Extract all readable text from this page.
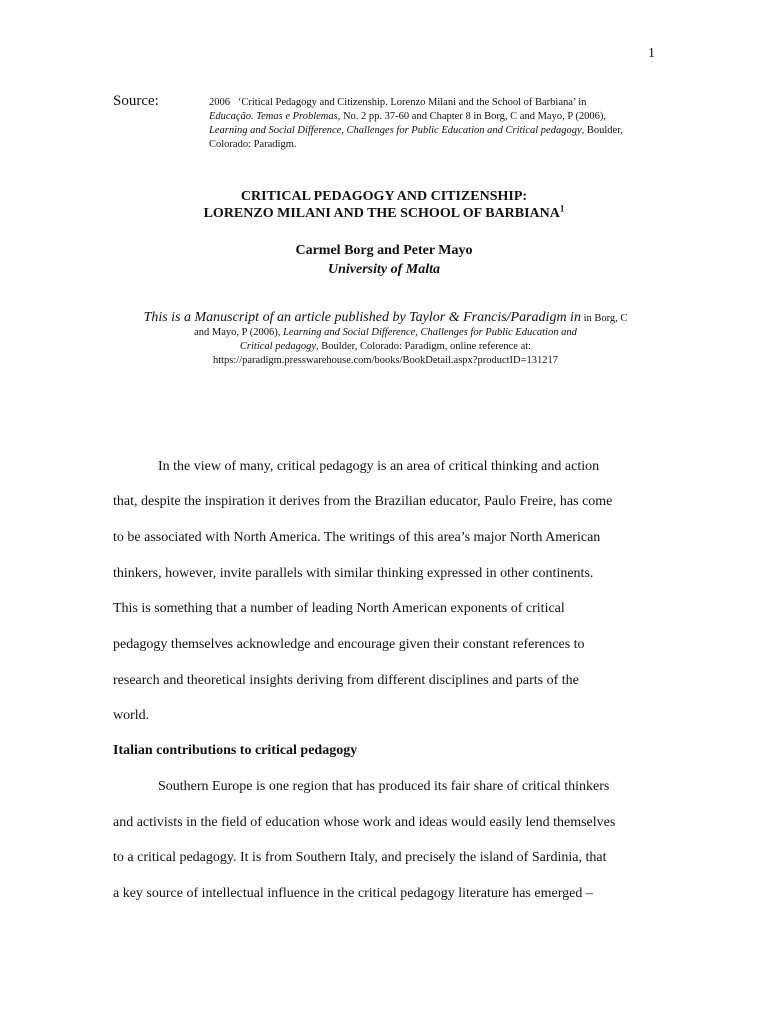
1
Source:	2006 ‘Critical Pedagogy and Citizenship. Lorenzo Milani and the School of Barbiana’ in
Educação. Temas e Problemas, No. 2 pp. 37-60 and Chapter 8 in Borg, C and Mayo, P (2006),
Learning and Social Difference, Challenges for Public Education and Critical pedagogy, Boulder,
Colorado: Paradigm.
CRITICAL PEDAGOGY AND CITIZENSHIP:
LORENZO MILANI AND THE SCHOOL OF BARBIANA$^1$
Carmel Borg and Peter Mayo
University of Malta
This is a Manuscript of an article published by Taylor & Francis/Paradigm in in Borg, C
and Mayo, P (2006), Learning and Social Difference, Challenges for Public Education and
Critical pedagogy, Boulder, Colorado: Paradigm, online reference at:
https://paradigm.presswarehouse.com/books/BookDetail.aspx?productID=131217
In the view of many, critical pedagogy is an area of critical thinking and action
that, despite the inspiration it derives from the Brazilian educator, Paulo Freire, has come
to be associated with North America. The writings of this area’s major North American
thinkers, however, invite parallels with similar thinking expressed in other continents.
This is something that a number of leading North American exponents of critical
pedagogy themselves acknowledge and encourage given their constant references to
research and theoretical insights deriving from different disciplines and parts of the
world.
Italian contributions to critical pedagogy
Southern Europe is one region that has produced its fair share of critical thinkers
and activists in the field of education whose work and ideas would easily lend themselves
to a critical pedagogy. It is from Southern Italy, and precisely the island of Sardinia, that
a key source of intellectual influence in the critical pedagogy literature has emerged –
